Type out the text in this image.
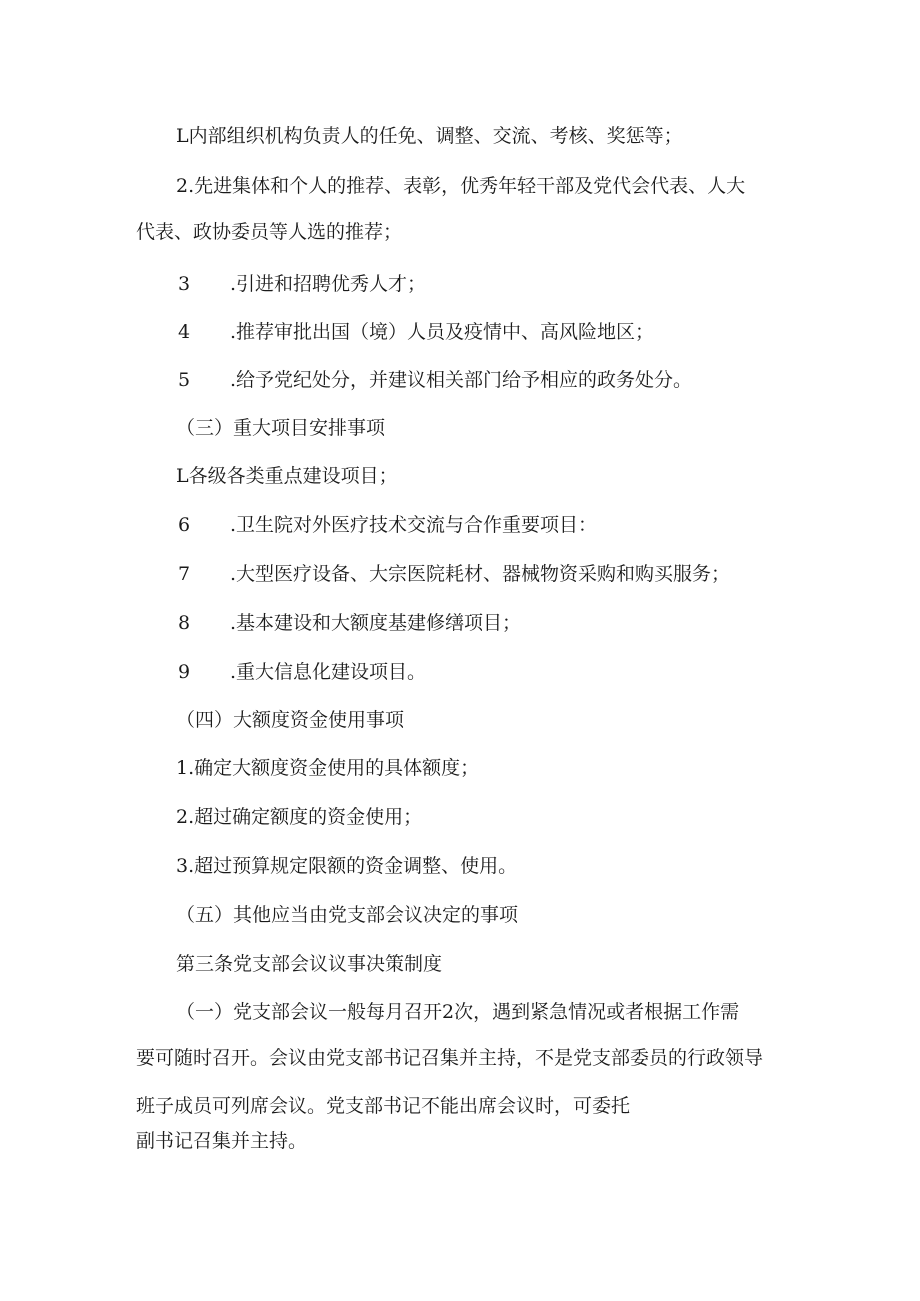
L内部组织机构负责人的任免、调整、交流、考核、奖惩等；
2.先进集体和个人的推荐、表彰，优秀年轻干部及党代会代表、人大
代表、政协委员等人选的推荐；
3 .引进和招聘优秀人才；
4 .推荐审批出国（境）人员及疫情中、高风险地区；
5 .给予党纪处分，并建议相关部门给予相应的政务处分。
（三）重大项目安排事项
L各级各类重点建设项目；
6 .卫生院对外医疗技术交流与合作重要项目：
7 .大型医疗设备、大宗医院耗材、器械物资采购和购买服务；
8 .基本建设和大额度基建修缮项目；
9 .重大信息化建设项目。
（四）大额度资金使用事项
1.确定大额度资金使用的具体额度；
2.超过确定额度的资金使用；
3.超过预算规定限额的资金调整、使用。
（五）其他应当由党支部会议决定的事项
第三条党支部会议议事决策制度
（一）党支部会议一般每月召开2次，遇到紧急情况或者根据工作需
要可随时召开。会议由党支部书记召集并主持，不是党支部委员的行政领导
班子成员可列席会议。党支部书记不能出席会议时，可委托
副书记召集并主持。
